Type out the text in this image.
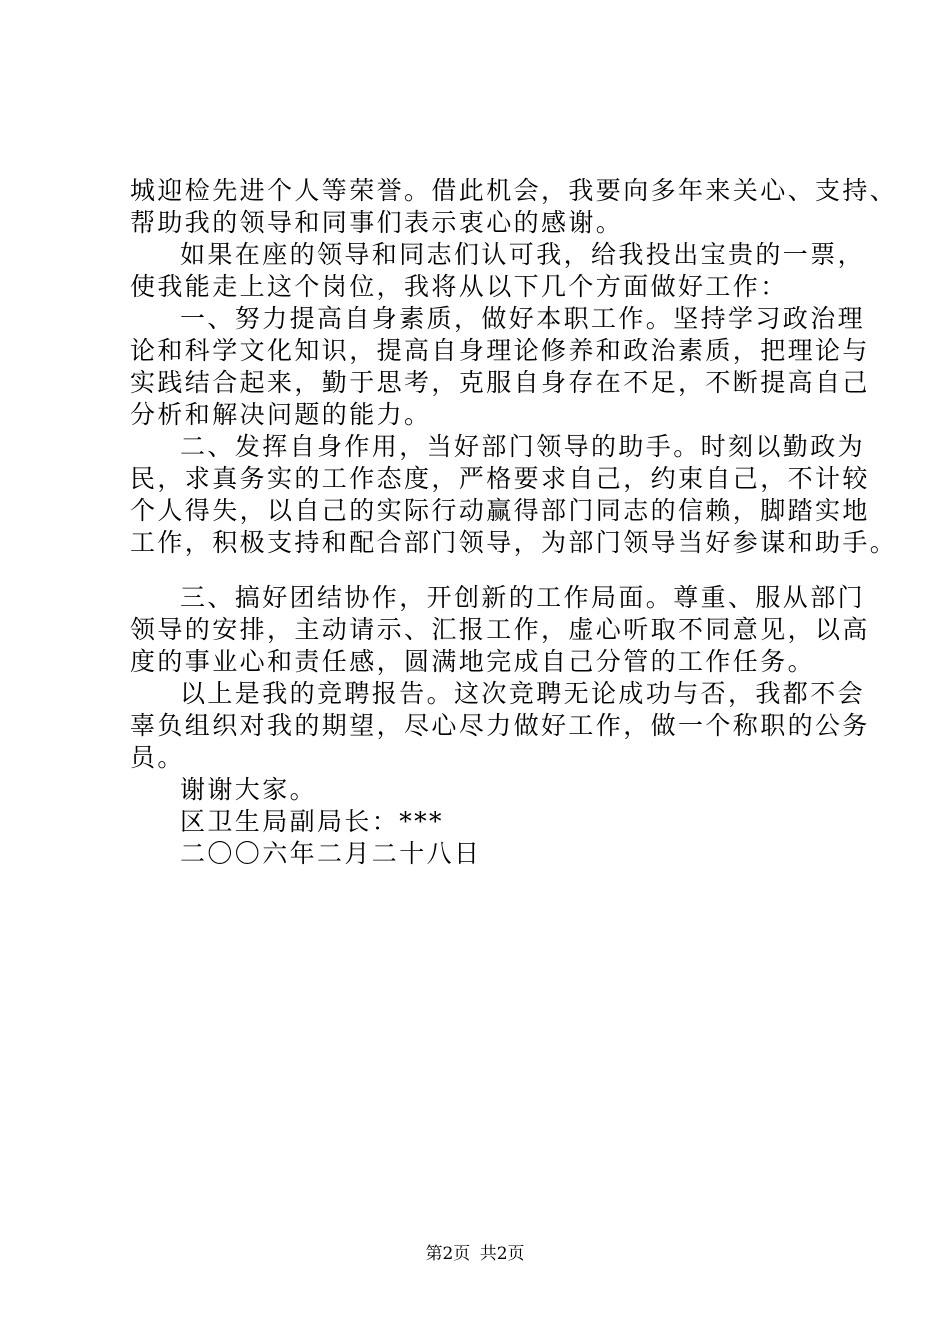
城迎检先进个人等荣誉。借此机会，我要向多年来关心、支持、
帮助我的领导和同事们表示衷心的感谢。
如果在座的领导和同志们认可我，给我投出宝贵的一票，
使我能走上这个岗位，我将从以下几个方面做好工作：
一、努力提高自身素质，做好本职工作。坚持学习政治理
论和科学文化知识，提高自身理论修养和政治素质，把理论与
实践结合起来，勤于思考，克服自身存在不足，不断提高自己
分析和解决问题的能力。
二、发挥自身作用，当好部门领导的助手。时刻以勤政为
民，求真务实的工作态度，严格要求自己，约束自己，不计较
个人得失，以自己的实际行动赢得部门同志的信赖，脚踏实地
工作，积极支持和配合部门领导，为部门领导当好参谋和助手。
三、搞好团结协作，开创新的工作局面。尊重、服从部门
领导的安排，主动请示、汇报工作，虚心听取不同意见，以高
度的事业心和责任感，圆满地完成自己分管的工作任务。
以上是我的竞聘报告。这次竞聘无论成功与否，我都不会
辜负组织对我的期望，尽心尽力做好工作，做一个称职的公务
员。
谢谢大家。
区卫生局副局长：***
二〇〇六年二月二十八日
第2页 共2页
